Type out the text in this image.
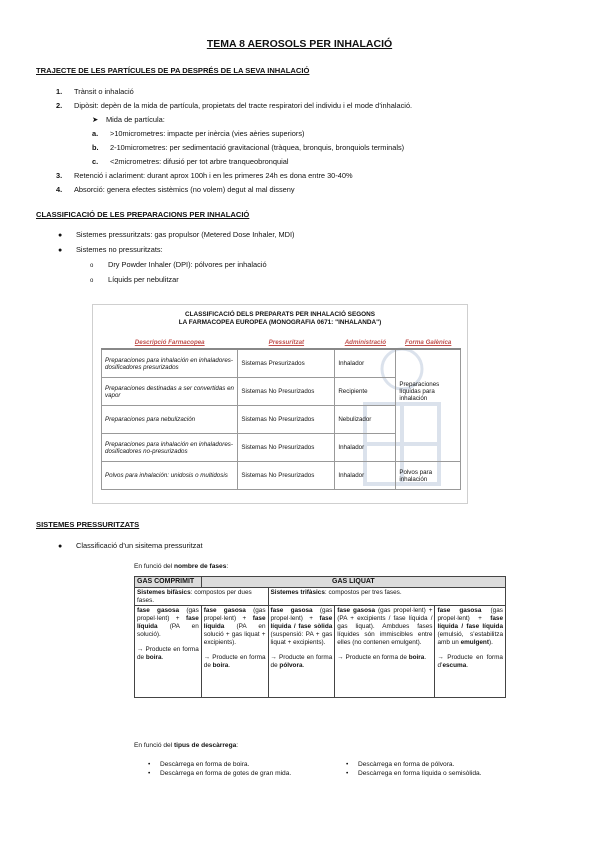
TEMA 8 AEROSOLS PER INHALACIÓ
TRAJECTE DE LES PARTÍCULES DE PA DESPRÉS DE LA SEVA INHALACIÓ
1. Trànsit o inhalació
2. Dipòsit: depèn de la mida de partícula, propietats del tracte respiratori del individu i el mode d’inhalació.
➤ Mida de partícula:
a. >10micrometres: impacte per inèrcia (vies aèries superiors)
b. 2-10micrometres: per sedimentació gravitacional (tràquea, bronquis, bronquiols terminals)
c. <2micrometres: difusió per tot arbre tranqueobronquial
3. Retenció i aclariment: durant aprox 100h i en les primeres 24h es dona entre 30-40%
4. Absorció: genera efectes sistèmics (no volem) degut al mal disseny
CLASSIFICACIÓ DE LES PREPARACIONS PER INHALACIÓ
● Sistemes pressuritzats: gas propulsor (Metered Dose Inhaler, MDI)
● Sistemes no pressuritzats:
o Dry Powder Inhaler (DPI): pólvores per inhalació
o Líquids per nebulitzar
CLASSIFICACIÓ DELS PREPARATS PER INHALACIÓ SEGONS
LA FARMACOPEA EUROPEA (MONOGRAFIA 0671: "INHALANDA")
Descripció Farmacopea	Pressuritzat	Administració	Forma Galènica
Preparaciones para inhalación en inhaladores-dosificadores presurizados	Sistemas Presurizados	Inhalador	
Preparaciones destinadas a ser convertidas en vapor	Sistemas No Presurizados	Recipiente	Preparaciones líquidas para inhalación
Preparaciones para nebulización	Sistemas No Presurizados	Nebulizador	
Preparaciones para inhalación en inhaladores-dosificadores no-presurizados	Sistemas No Presurizados	Inhalador	
Polvos para inhalación: unidosis o multidosis	Sistemas No Presurizados	Inhalador	Polvos para inhalación
SISTEMES PRESSURITZATS
● Classificació d’un sisitema pressuritzat
En funció del nombre de fases:
GAS COMPRIMIT	GAS LIQUAT			
Sistemes bifàsics: compostos per dues fases.		Sistemes trifàsics: compostos per tres fases.		
fase gasosa (gas propel·lent) + fase líquida (PA en solució).

→ Producte en forma de boira.	fase gasosa (gas propel·lent) + fase líquida (PA en solució + gas liquat + excipients).

→ Producte en forma de boira.	fase gasosa (gas propel·lent) + fase líquida / fase sòlida (suspensió: PA + gas liquat + excipients).

→ Producte en forma de pólvora.	fase gasosa (gas propel·lent) + (PA + excipients / fase líquida / gas liquat). Ambdues fases líquides són immiscibles entre elles (no contenen emulgent).

→ Producte en forma de boira.	fase gasosa (gas propel·lent) + fase líquida / fase líquida (emulsió, s’estabilitza amb un emulgent).

→ Producte en forma d’escuma.
En funció del tipus de descàrrega:
• Descàrrega en forma de boira.
•	Descàrrega en forma de gotes de gran mida.
• Descàrrega en forma de pólvora.
•	Descàrrega en forma líquida o semisòlida.
